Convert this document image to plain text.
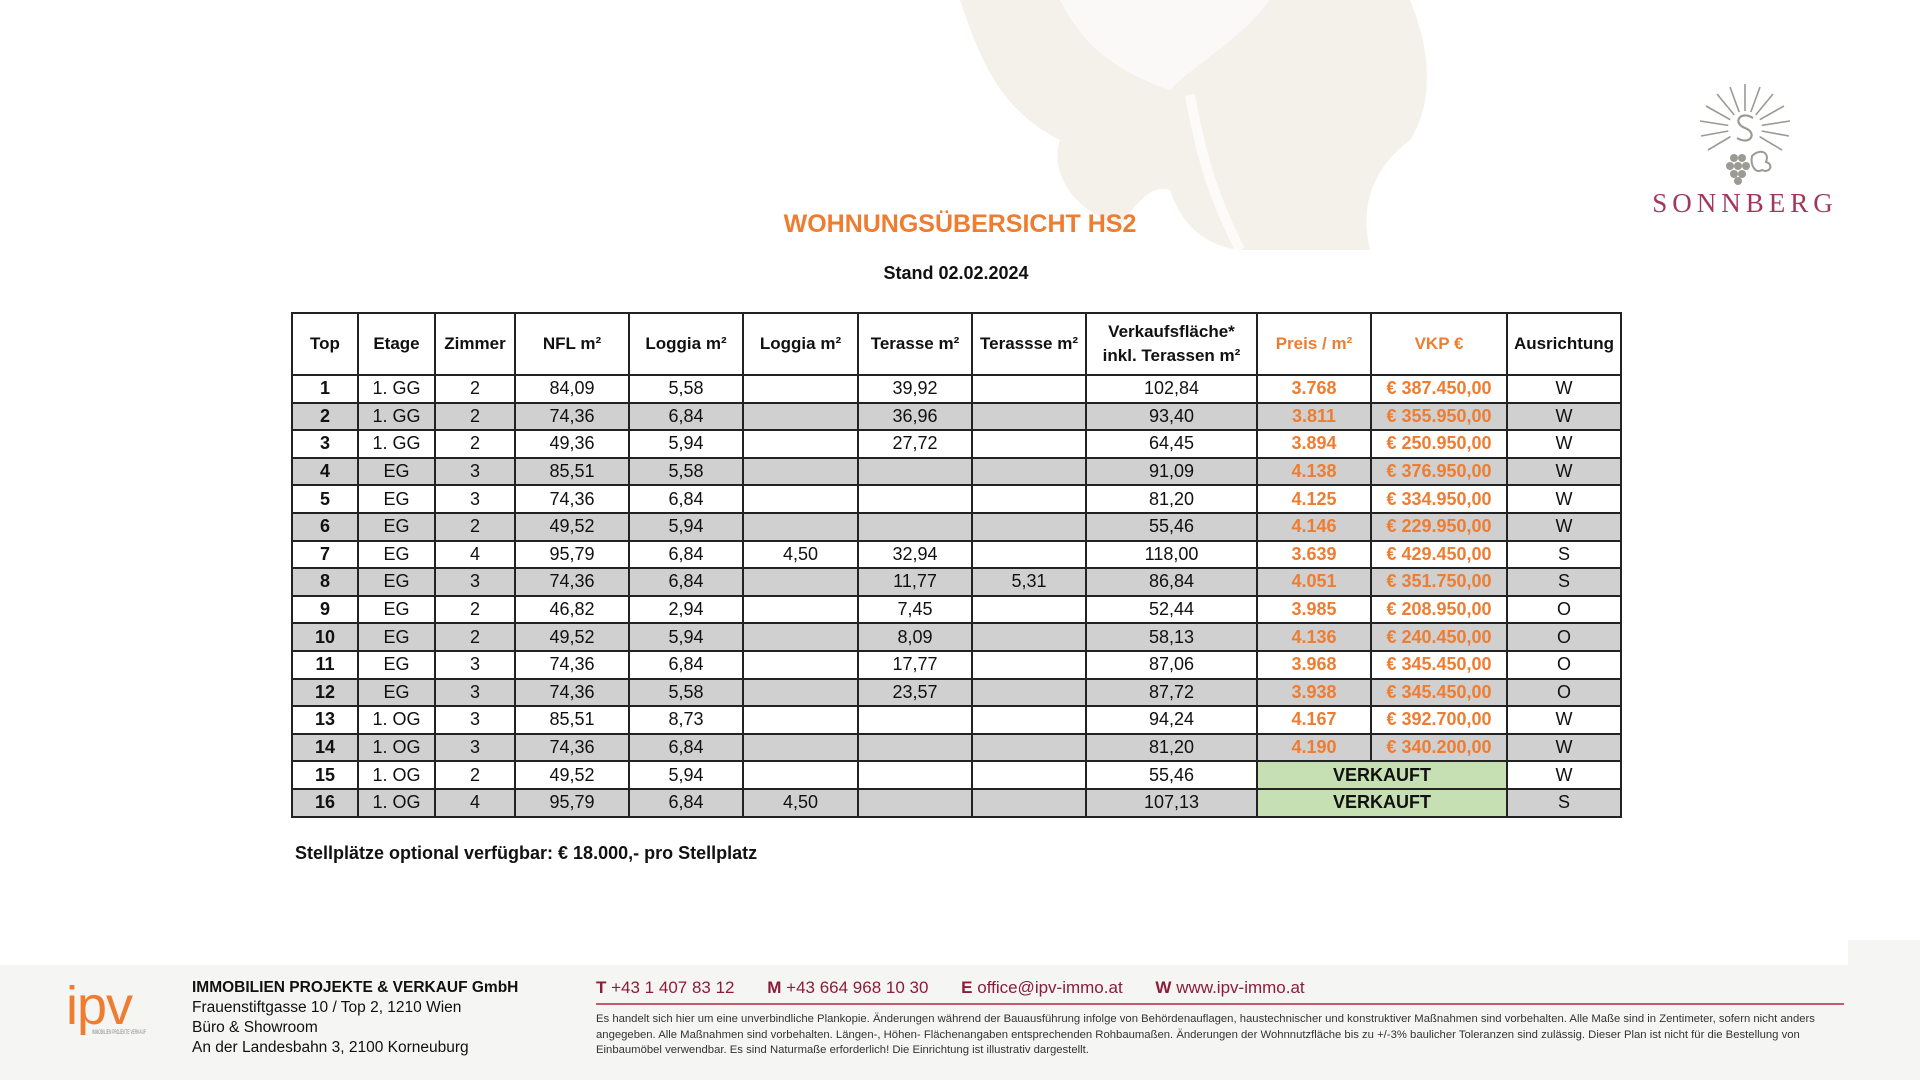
SONNBERG
WOHNUNGSÜBERSICHT HS2
Stand 02.02.2024
Top	Etage	Zimmer	NFL m²	Loggia m²	Loggia m²	Terasse m²	Terassse m²	Verkaufsfläche*
inkl. Terassen m²	Preis / m²	VKP €	Ausrichtung
1	1. GG	2	84,09	5,58		39,92		102,84	3.768	€ 387.450,00	W
2	1. GG	2	74,36	6,84		36,96		93,40	3.811	€ 355.950,00	W
3	1. GG	2	49,36	5,94		27,72		64,45	3.894	€ 250.950,00	W
4	EG	3	85,51	5,58				91,09	4.138	€ 376.950,00	W
5	EG	3	74,36	6,84				81,20	4.125	€ 334.950,00	W
6	EG	2	49,52	5,94				55,46	4.146	€ 229.950,00	W
7	EG	4	95,79	6,84	4,50	32,94		118,00	3.639	€ 429.450,00	S
8	EG	3	74,36	6,84		11,77	5,31	86,84	4.051	€ 351.750,00	S
9	EG	2	46,82	2,94		7,45		52,44	3.985	€ 208.950,00	O
10	EG	2	49,52	5,94		8,09		58,13	4.136	€ 240.450,00	O
11	EG	3	74,36	6,84		17,77		87,06	3.968	€ 345.450,00	O
12	EG	3	74,36	5,58		23,57		87,72	3.938	€ 345.450,00	O
13	1. OG	3	85,51	8,73				94,24	4.167	€ 392.700,00	W
14	1. OG	3	74,36	6,84				81,20	4.190	€ 340.200,00	W
15	1. OG	2	49,52	5,94				55,46	VERKAUFT		W
16	1. OG	4	95,79	6,84	4,50			107,13	VERKAUFT		S
Stellplätze optional verfügbar: € 18.000,- pro Stellplatz
ipv
IMMOBILIEN PROJEKTE VERKAUF
IMMOBILIEN PROJEKTE & VERKAUF GmbH
Frauenstiftgasse 10 / Top 2, 1210 Wien
Büro & Showroom
An der Landesbahn 3, 2100 Korneuburg
T +43 1 407 83 12 M +43 664 968 10 30 E office@ipv-immo.at W www.ipv-immo.at
Es handelt sich hier um eine unverbindliche Plankopie. Änderungen während der Bauausführung infolge von Behördenauflagen, haustechnischer und konstruktiver Maßnahmen sind vorbehalten. Alle Maße sind in Zentimeter, sofern nicht anders angegeben. Alle Maßnahmen sind vorbehalten. Längen-, Höhen- Flächenangaben entsprechenden Rohbaumaßen. Änderungen der Wohnnutzfläche bis zu +/-3% baulicher Toleranzen sind zulässig. Dieser Plan ist nicht für die Bestellung von Einbaumöbel verwendbar. Es sind Naturmaße erforderlich! Die Einrichtung ist illustrativ dargestellt.
